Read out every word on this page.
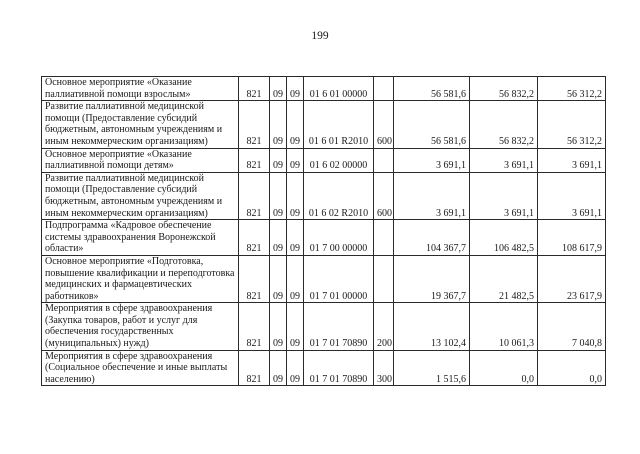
199
Основное мероприятие «Оказание паллиативной помощи взрослым»	821	09	09	01 6 01 00000		56 581,6	56 832,2	56 312,2
Развитие паллиативной медицинской помощи (Предоставление субсидий бюджетным, автономным учреждениям и иным некоммерческим организациям)	821	09	09	01 6 01 R2010	600	56 581,6	56 832,2	56 312,2
Основное мероприятие «Оказание паллиативной помощи детям»	821	09	09	01 6 02 00000		3 691,1	3 691,1	3 691,1
Развитие паллиативной медицинской помощи (Предоставление субсидий бюджетным, автономным учреждениям и иным некоммерческим организациям)	821	09	09	01 6 02 R2010	600	3 691,1	3 691,1	3 691,1
Подпрограмма «Кадровое обеспечение системы здравоохранения Воронежской области»	821	09	09	01 7 00 00000		104 367,7	106 482,5	108 617,9
Основное мероприятие «Подготовка, повышение квалификации и переподготовка медицинских и фармацевтических работников»	821	09	09	01 7 01 00000		19 367,7	21 482,5	23 617,9
Мероприятия в сфере здравоохранения (Закупка товаров, работ и услуг для обеспечения государственных (муниципальных) нужд)	821	09	09	01 7 01 70890	200	13 102,4	10 061,3	7 040,8
Мероприятия в сфере здравоохранения (Социальное обеспечение и иные выплаты населению)	821	09	09	01 7 01 70890	300	1 515,6	0,0	0,0
